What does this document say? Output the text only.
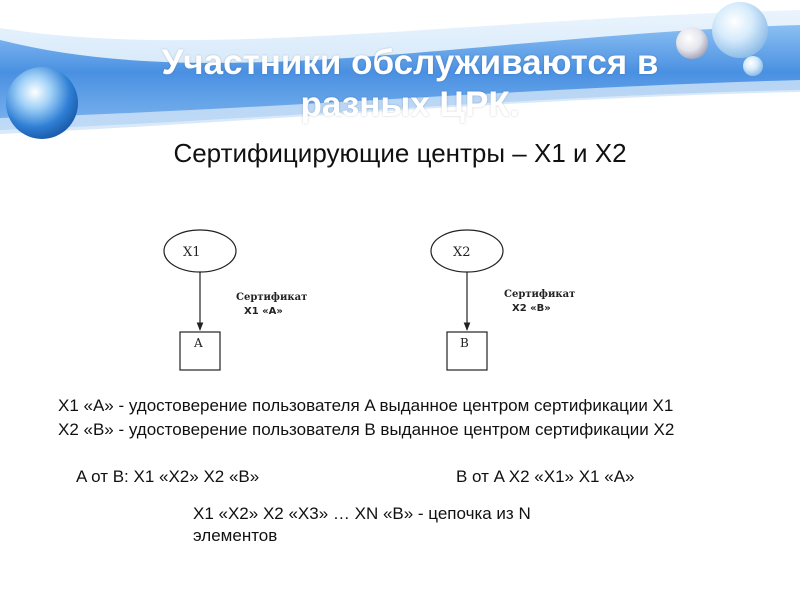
Участники обслуживаются в
разных ЦРК.
Сертифицирующие центры – X1 и X2
X1
A
Сертификат
X1 «A»
X2
B
Сертификат
X2 «B»
X1 «A» - удостоверение пользователя A выданное центром сертификации X1
X2 «B» - удостоверение пользователя B выданное центром сертификации X2
A от B: X1 «X2» X2 «B»	B от A X2 «X1» X1 «A»
X1 «X2» X2 «X3» … XN «B» - цепочка из N
элементов
